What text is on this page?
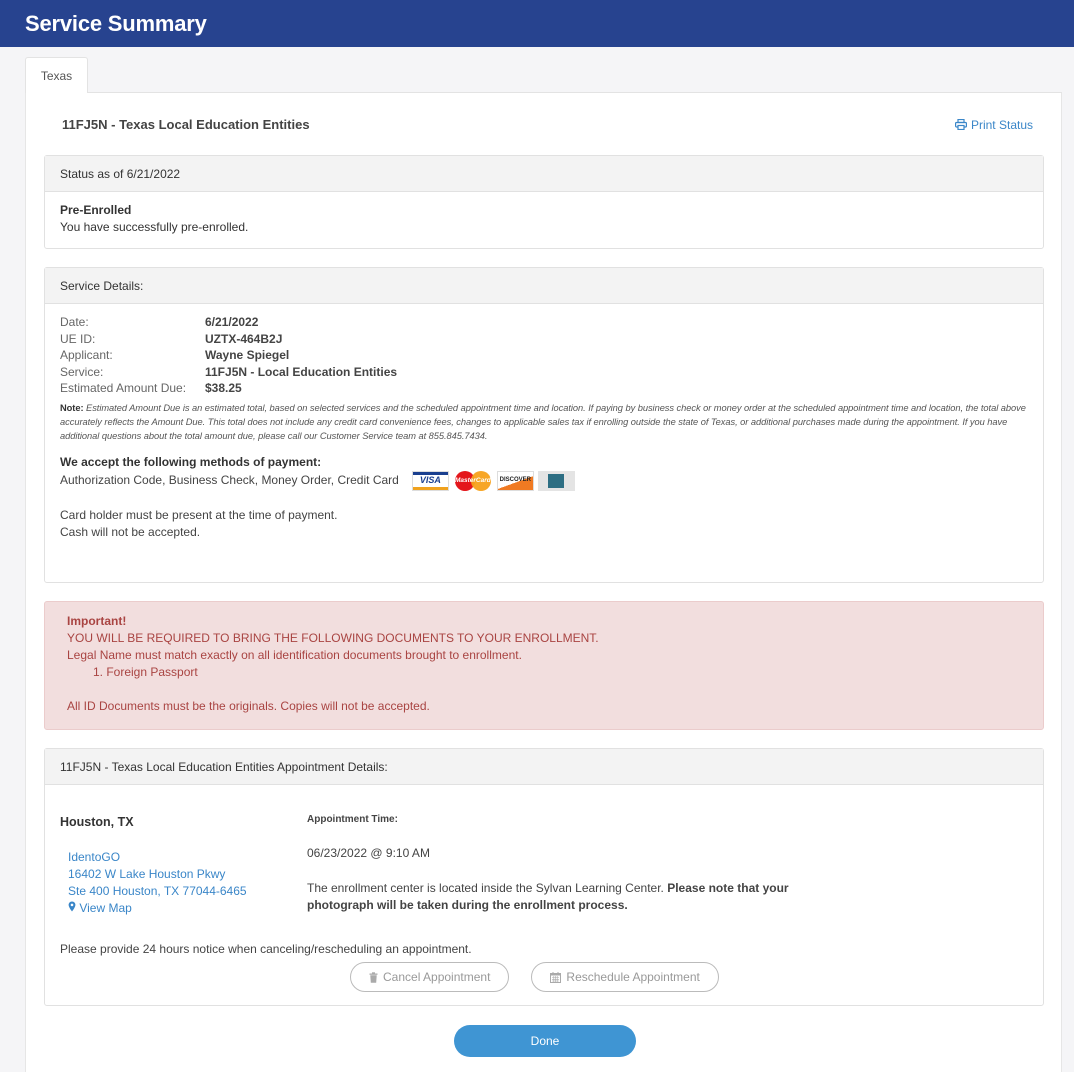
Service Summary
Texas
11FJ5N - Texas Local Education Entities	Print Status
Status as of 6/21/2022
Pre-Enrolled
You have successfully pre-enrolled.
Service Details:
Date:	6/21/2022
UE ID:	UZTX-464B2J
Applicant:	Wayne Spiegel
Service:	11FJ5N - Local Education Entities
Estimated Amount Due:	$38.25
Note: Estimated Amount Due is an estimated total, based on selected services and the scheduled appointment time and location. If paying by business check or money order at the scheduled appointment time and location, the total above accurately reflects the Amount Due. This total does not include any credit card convenience fees, changes to applicable sales tax if enrolling outside the state of Texas, or additional purchases made during the appointment. If you have additional questions about the total amount due, please call our Customer Service team at 855.845.7434.
We accept the following methods of payment:
Authorization Code, Business Check, Money Order, Credit Card	VISA	MasterCard	DISCOVER
Card holder must be present at the time of payment.
Cash will not be accepted.
Important!
YOU WILL BE REQUIRED TO BRING THE FOLLOWING DOCUMENTS TO YOUR ENROLLMENT.
Legal Name must match exactly on all identification documents brought to enrollment.
1. Foreign Passport
All ID Documents must be the originals. Copies will not be accepted.
11FJ5N - Texas Local Education Entities Appointment Details:
Houston, TX
IdentoGO
16402 W Lake Houston Pkwy
Ste 400 Houston, TX 77044-6465
View Map
Appointment Time:
06/23/2022 @ 9:10 AM
The enrollment center is located inside the Sylvan Learning Center. Please note that your photograph will be taken during the enrollment process.
Please provide 24 hours notice when canceling/rescheduling an appointment.
Cancel Appointment	Reschedule Appointment
Done
